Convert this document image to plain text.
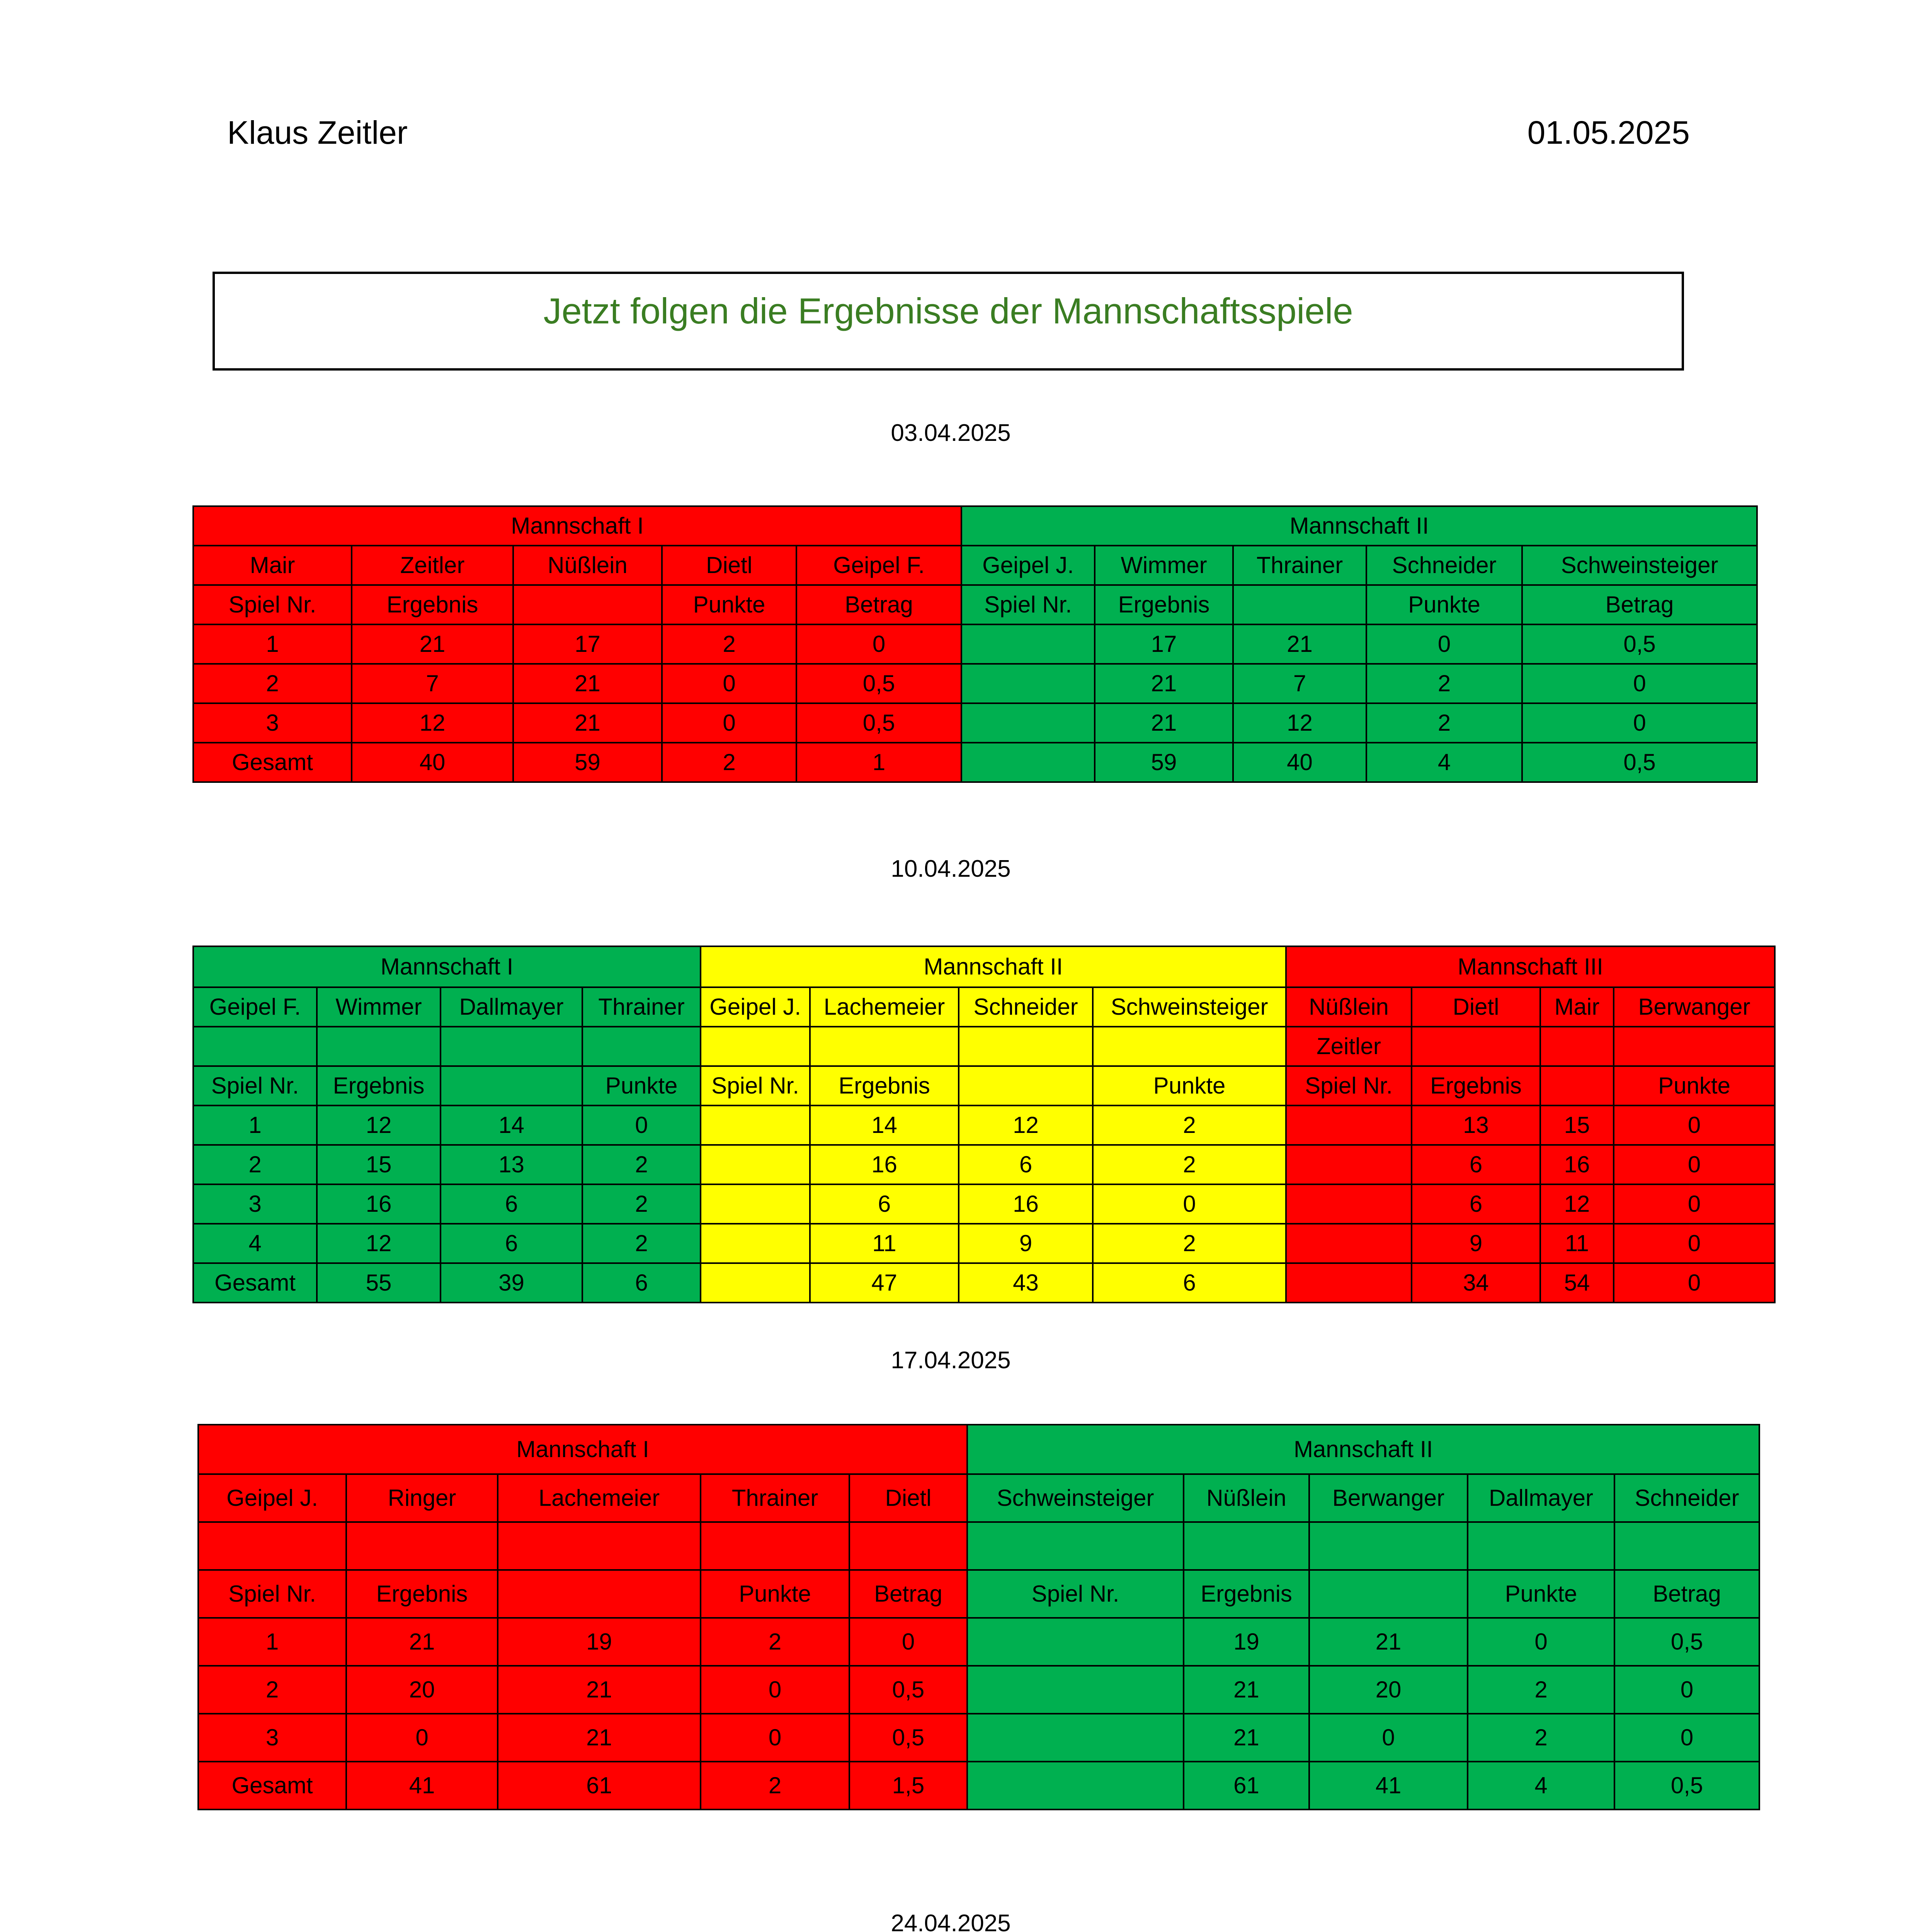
Klaus Zeitler	01.05.2025
Jetzt folgen die Ergebnisse der Mannschaftsspiele
03.04.2025
Mannschaft I					Mannschaft II				
Mair	Zeitler	Nüßlein	Dietl	Geipel F.	Geipel J.	Wimmer	Thrainer	Schneider	Schweinsteiger
Spiel Nr.	Ergebnis		Punkte	Betrag	Spiel Nr.	Ergebnis		Punkte	Betrag
1	21	17	2	0		17	21	0	0,5
2	7	21	0	0,5		21	7	2	0
3	12	21	0	0,5		21	12	2	0
Gesamt	40	59	2	1		59	40	4	0,5
10.04.2025
Mannschaft I				Mannschaft II				Mannschaft III			
Geipel F.	Wimmer	Dallmayer	Thrainer	Geipel J.	Lachemeier	Schneider	Schweinsteiger	Nüßlein	Dietl	Mair	Berwanger
								Zeitler			
Spiel Nr.	Ergebnis		Punkte	Spiel Nr.	Ergebnis		Punkte	Spiel Nr.	Ergebnis		Punkte
1	12	14	0		14	12	2		13	15	0
2	15	13	2		16	6	2		6	16	0
3	16	6	2		6	16	0		6	12	0
4	12	6	2		11	9	2		9	11	0
Gesamt	55	39	6		47	43	6		34	54	0
17.04.2025
Mannschaft I					Mannschaft II				
Geipel J.	Ringer	Lachemeier	Thrainer	Dietl	Schweinsteiger	Nüßlein	Berwanger	Dallmayer	Schneider

Spiel Nr.	Ergebnis		Punkte	Betrag	Spiel Nr.	Ergebnis		Punkte	Betrag
1	21	19	2	0		19	21	0	0,5
2	20	21	0	0,5		21	20	2	0
3	0	21	0	0,5		21	0	2	0
Gesamt	41	61	2	1,5		61	41	4	0,5
24.04.2025
